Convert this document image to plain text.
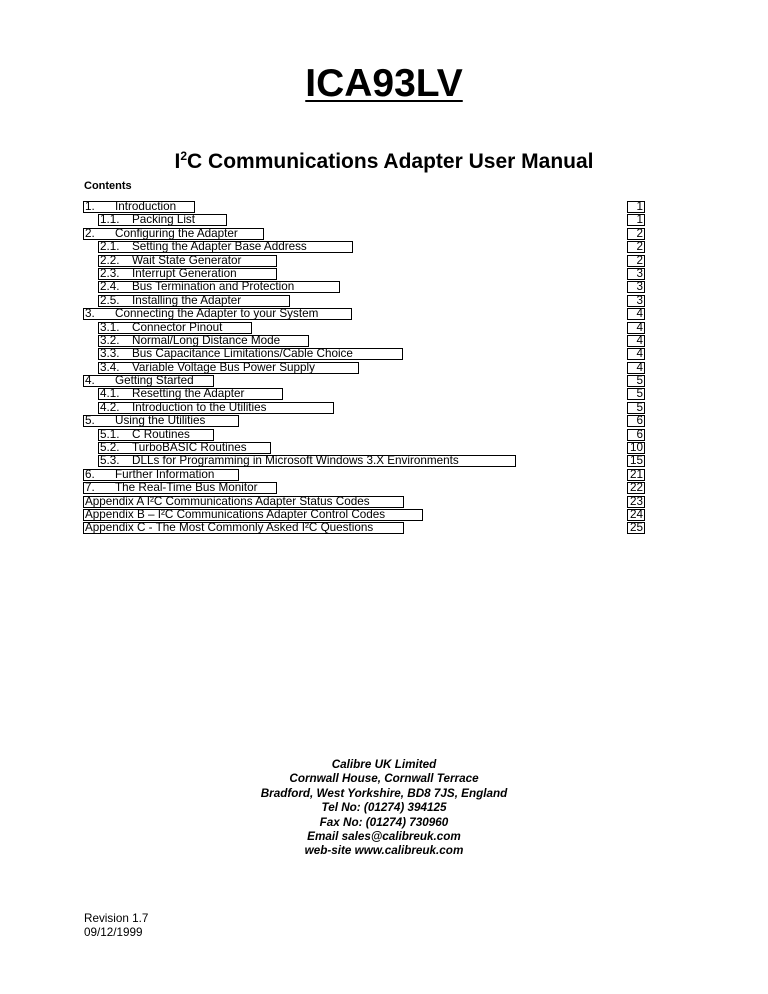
ICA93LV
$I^2C$ Communications Adapter User Manual
Contents
1. Introduction	1
1.1. Packing List	1
2. Configuring the Adapter	2
2.1. Setting the Adapter Base Address	2
2.2. Wait State Generator	2
2.3. Interrupt Generation	3
2.4. Bus Termination and Protection	3
2.5. Installing the Adapter	3
3. Connecting the Adapter to your System	4
3.1. Connector Pinout	4
3.2. Normal/Long Distance Mode	4
3.3. Bus Capacitance Limitations/Cable Choice	4
3.4. Variable Voltage Bus Power Supply	4
4. Getting Started	5
4.1. Resetting the Adapter	5
4.2. Introduction to the Utilities	5
5. Using the Utilities	6
5.1. C Routines	6
5.2. TurboBASIC Routines	10
5.3. DLLs for Programming in Microsoft Windows 3.X Environments	15
6. Further Information	21
7. The Real-Time Bus Monitor	22
Appendix A I²C Communications Adapter Status Codes	23
Appendix B – I²C Communications Adapter Control Codes	24
Appendix C - The Most Commonly Asked I²C Questions	25
Calibre UK Limited
Cornwall House, Cornwall Terrace
Bradford, West Yorkshire, BD8 7JS, England
Tel No: (01274) 394125
Fax No: (01274) 730960
Email sales@calibreuk.com
web-site www.calibreuk.com
Revision 1.7
09/12/1999
